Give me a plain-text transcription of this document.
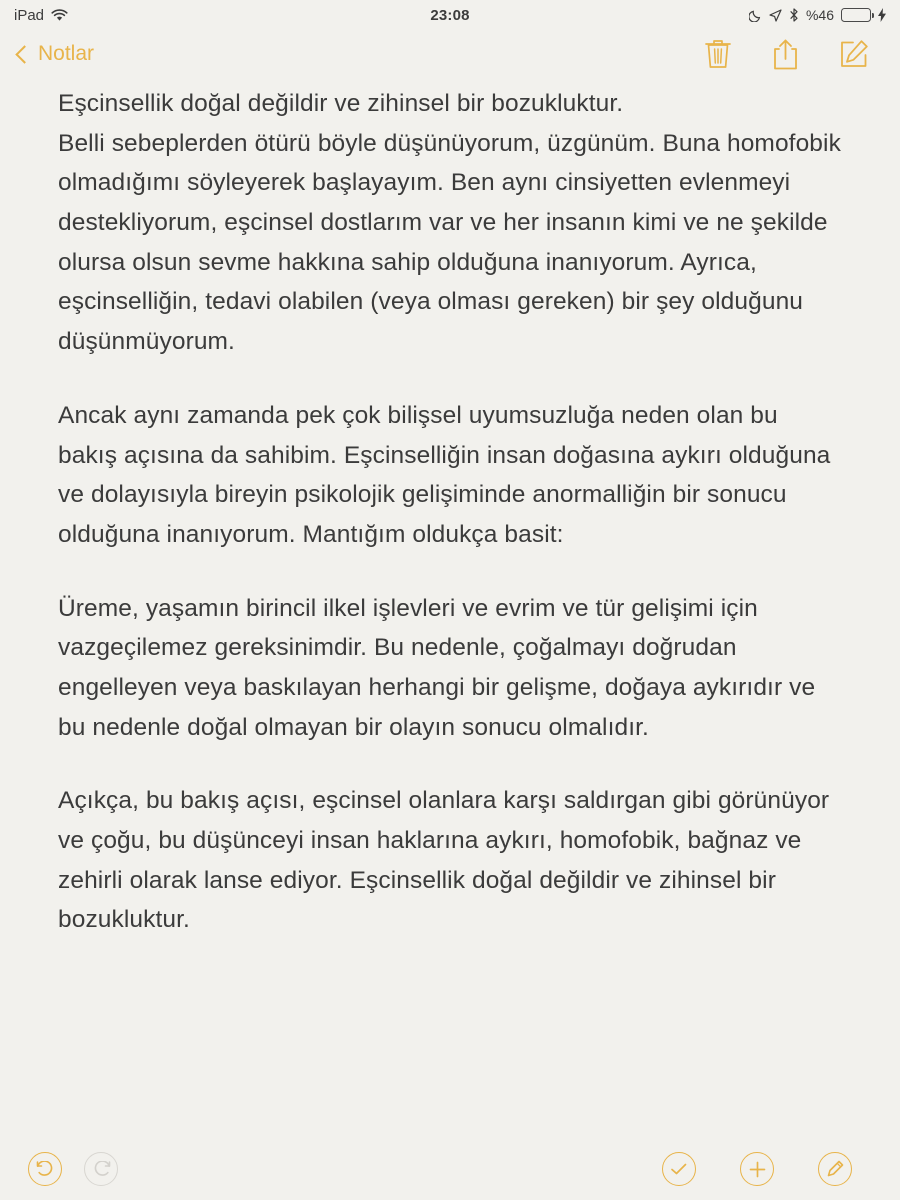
iPad	23:08	%46
Notlar

Eşcinsellik doğal değildir ve zihinsel bir bozukluktur.
Belli sebeplerden ötürü böyle düşünüyorum, üzgünüm. Buna homofobik olmadığımı söyleyerek başlayayım. Ben aynı cinsiyetten evlenmeyi destekliyorum, eşcinsel dostlarım var ve her insanın kimi ve ne şekilde olursa olsun sevme hakkına sahip olduğuna inanıyorum. Ayrıca, eşcinselliğin, tedavi olabilen (veya olması gereken) bir şey olduğunu düşünmüyorum.

Ancak aynı zamanda pek çok bilişsel uyumsuzluğa neden olan bu bakış açısına da sahibim. Eşcinselliğin insan doğasına aykırı olduğuna ve dolayısıyla bireyin psikolojik gelişiminde anormalliğin bir sonucu olduğuna inanıyorum. Mantığım oldukça basit:

Üreme, yaşamın birincil ilkel işlevleri ve evrim ve tür gelişimi için vazgeçilemez gereksinimdir. Bu nedenle, çoğalmayı doğrudan engelleyen veya baskılayan herhangi bir gelişme, doğaya aykırıdır ve bu nedenle doğal olmayan bir olayın sonucu olmalıdır.

Açıkça, bu bakış açısı, eşcinsel olanlara karşı saldırgan gibi görünüyor ve çoğu, bu düşünceyi insan haklarına aykırı, homofobik, bağnaz ve zehirli olarak lanse ediyor. Eşcinsellik doğal değildir ve zihinsel bir bozukluktur.
